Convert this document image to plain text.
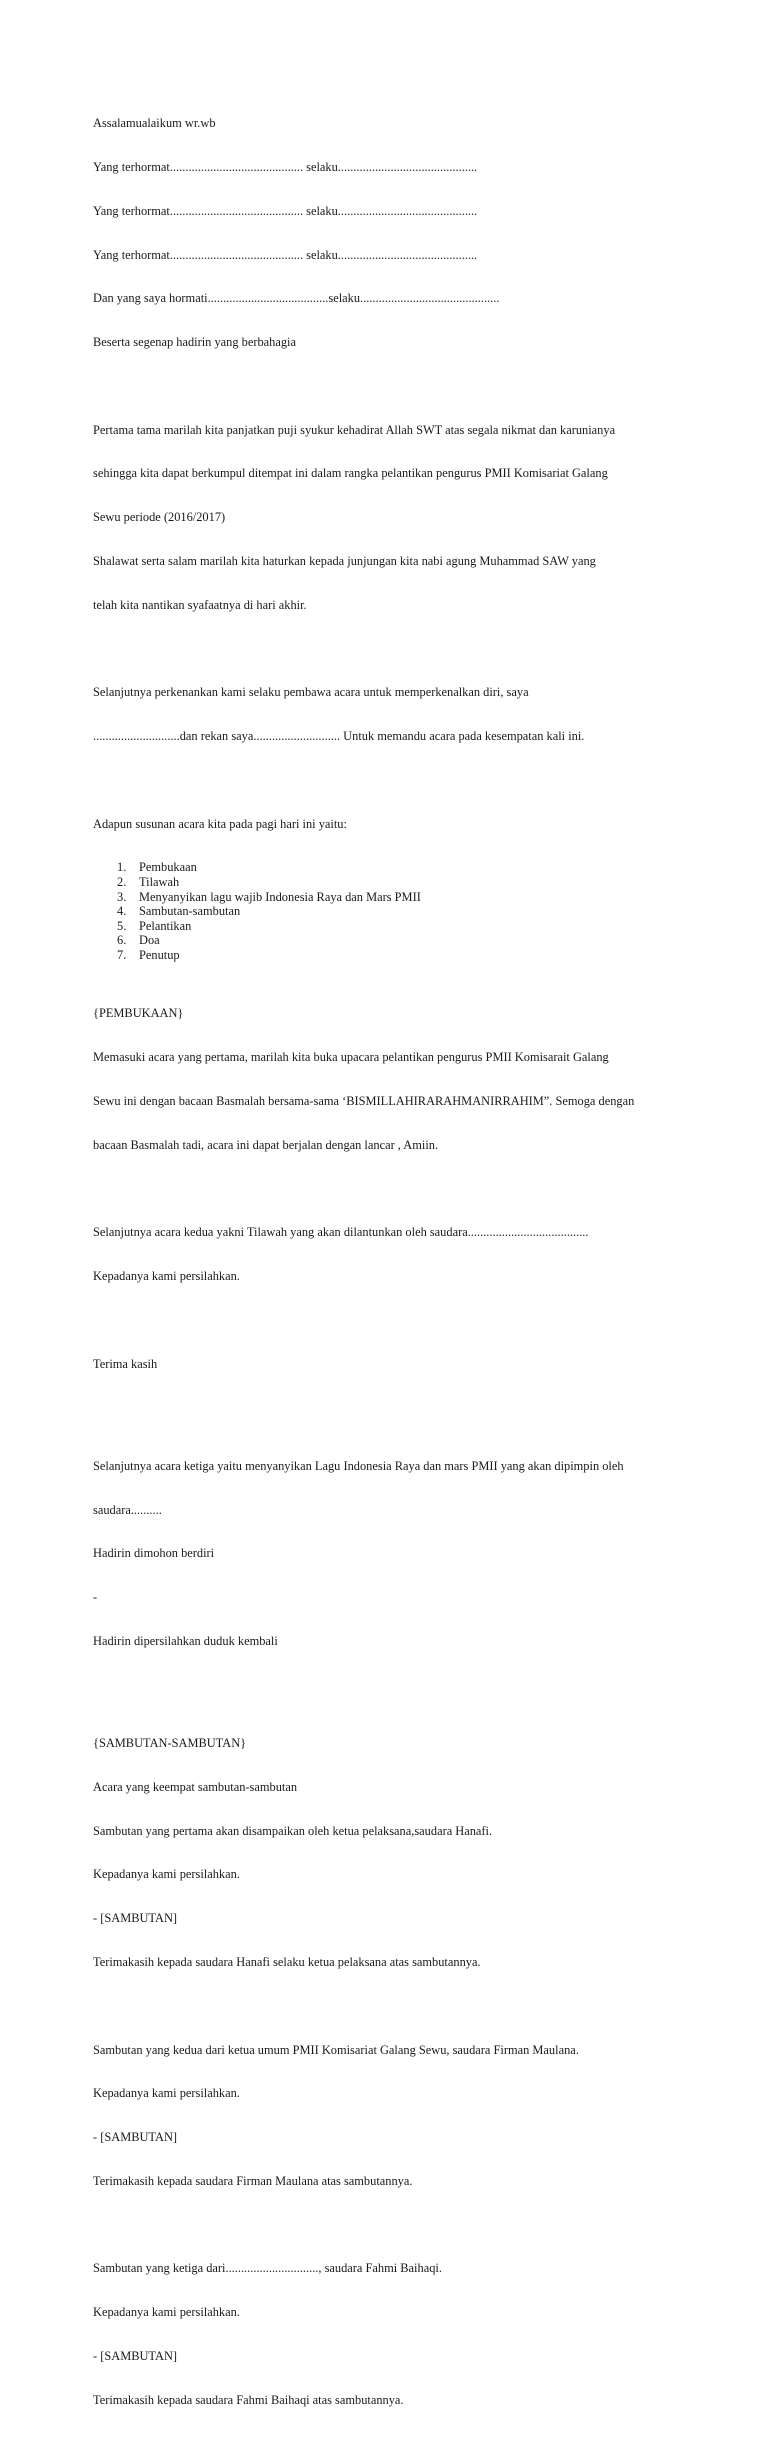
Assalamualaikum wr.wb

Yang terhormat........................................... selaku.............................................

Yang terhormat........................................... selaku.............................................

Yang terhormat........................................... selaku.............................................

Dan yang saya hormati.......................................selaku.............................................

Beserta segenap hadirin yang berbahagia

Pertama tama marilah kita panjatkan puji syukur kehadirat Allah SWT atas segala nikmat dan karunianya

sehingga kita dapat berkumpul ditempat ini dalam rangka pelantikan pengurus PMII Komisariat Galang

Sewu periode (2016/2017)

Shalawat serta salam marilah kita haturkan kepada junjungan kita nabi agung Muhammad SAW yang

telah kita nantikan syafaatnya di hari akhir.

Selanjutnya perkenankan kami selaku pembawa acara untuk memperkenalkan diri, saya

............................dan rekan saya............................ Untuk memandu acara pada kesempatan kali ini.

Adapun susunan acara kita pada pagi hari ini yaitu:

1. Pembukaan
2. Tilawah
3. Menyanyikan lagu wajib Indonesia Raya dan Mars PMII
4. Sambutan-sambutan
5. Pelantikan
6. Doa
7. Penutup

{PEMBUKAAN}

Memasuki acara yang pertama, marilah kita buka upacara pelantikan pengurus PMII Komisarait Galang

Sewu ini dengan bacaan Basmalah bersama-sama ‘BISMILLAHIRARAHMANIRRAHIM”. Semoga dengan

bacaan Basmalah tadi, acara ini dapat berjalan dengan lancar , Amiin.

Selanjutnya acara kedua yakni Tilawah yang akan dilantunkan oleh saudara.......................................

Kepadanya kami persilahkan.

Terima kasih

Selanjutnya acara ketiga yaitu menyanyikan Lagu Indonesia Raya dan mars PMII yang akan dipimpin oleh

saudara..........

Hadirin dimohon berdiri

-

Hadirin dipersilahkan duduk kembali

{SAMBUTAN-SAMBUTAN}

Acara yang keempat sambutan-sambutan

Sambutan yang pertama akan disampaikan oleh ketua pelaksana,saudara Hanafi.

Kepadanya kami persilahkan.

- [SAMBUTAN]

Terimakasih kepada saudara Hanafi selaku ketua pelaksana atas sambutannya.

Sambutan yang kedua dari ketua umum PMII Komisariat Galang Sewu, saudara Firman Maulana.

Kepadanya kami persilahkan.

- [SAMBUTAN]

Terimakasih kepada saudara Firman Maulana atas sambutannya.

Sambutan yang ketiga dari.............................., saudara Fahmi Baihaqi.

Kepadanya kami persilahkan.

- [SAMBUTAN]

Terimakasih kepada saudara Fahmi Baihaqi atas sambutannya.
